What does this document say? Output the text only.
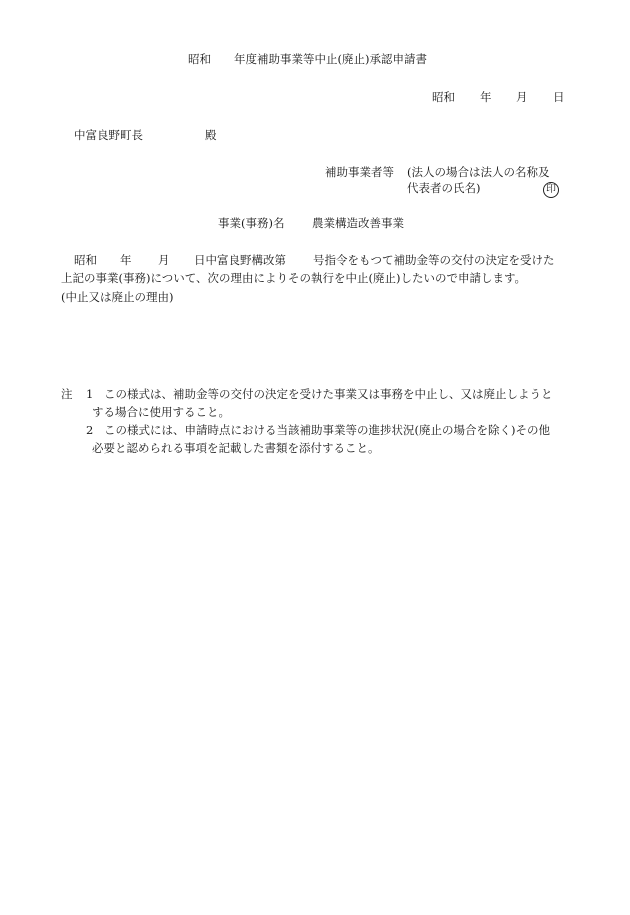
昭和 年度補助事業等中止(廃止)承認申請書
昭和 年 月 日
中富良野町長	殿
補助事業者等 (法人の場合は法人の名称及
代表者の氏名)	印
事業(事務)名 農業構造改善事業
昭和 年 月 日中富良野構改第 号指令をもつて補助金等の交付の決定を受けた
上記の事業(事務)について、次の理由によりその執行を中止(廃止)したいので申請します。
(中止又は廃止の理由)
注 1 この様式は、補助金等の交付の決定を受けた事業又は事務を中止し、又は廃止しようと
する場合に使用すること。
2 この様式には、申請時点における当該補助事業等の進捗状況(廃止の場合を除く)その他
必要と認められる事項を記載した書類を添付すること。
